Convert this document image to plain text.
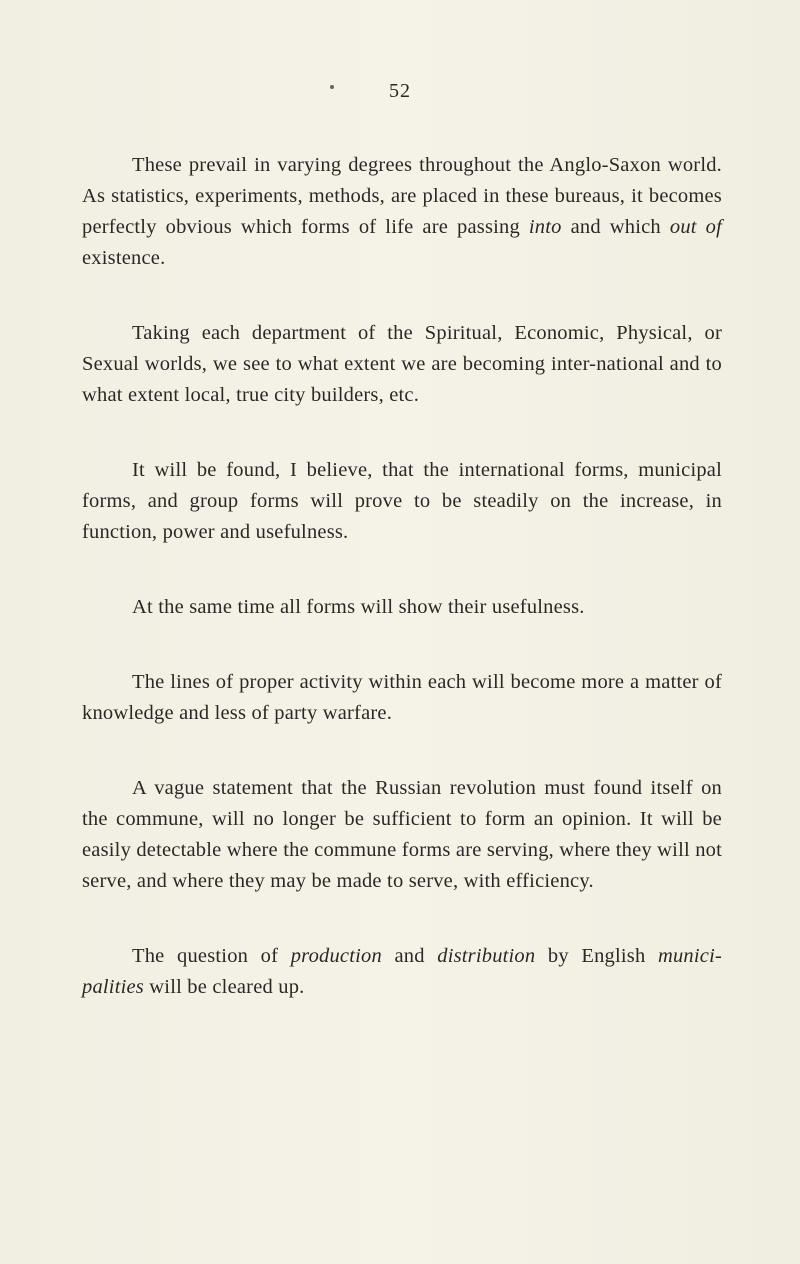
52

These prevail in varying degrees throughout the Anglo-Saxon world. As statistics, experiments, methods, are placed in these bureaus, it becomes perfectly obvious which forms of life are passing into and which out of existence.

Taking each department of the Spiritual, Economic, Physical, or Sexual worlds, we see to what extent we are becoming inter-national and to what extent local, true city builders, etc.

It will be found, I believe, that the international forms, municipal forms, and group forms will prove to be steadily on the increase, in function, power and usefulness.

At the same time all forms will show their usefulness.

The lines of proper activity within each will become more a matter of knowledge and less of party warfare.

A vague statement that the Russian revolution must found itself on the commune, will no longer be sufficient to form an opinion. It will be easily detectable where the commune forms are serving, where they will not serve, and where they may be made to serve, with efficiency.

The question of production and distribution by English munici-palities will be cleared up.
